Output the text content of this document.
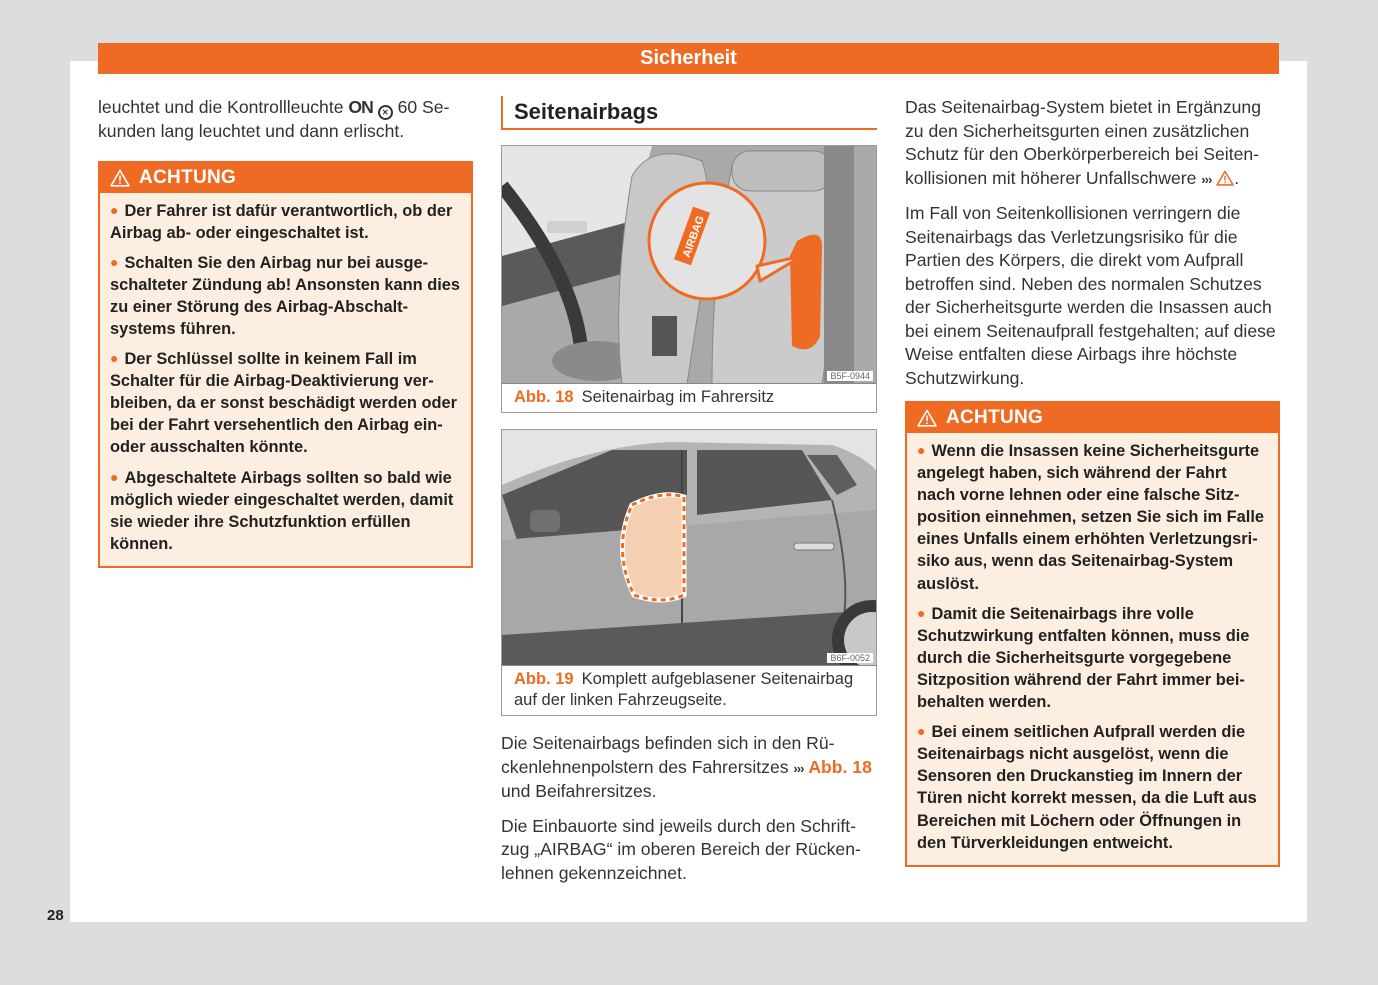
Sicherheit
28

leuchtet und die Kontrollleuchte ON ✕ 60 Sekunden lang leuchtet und dann erlischt.

ACHTUNG
● Der Fahrer ist dafür verantwortlich, ob der Airbag ab- oder eingeschaltet ist.
● Schalten Sie den Airbag nur bei ausgeschalteter Zündung ab! Ansonsten kann dies zu einer Störung des Airbag-Abschaltsystems führen.
● Der Schlüssel sollte in keinem Fall im Schalter für die Airbag-Deaktivierung verbleiben, da er sonst beschädigt werden oder bei der Fahrt versehentlich den Airbag ein- oder ausschalten könnte.
● Abgeschaltete Airbags sollten so bald wie möglich wieder eingeschaltet werden, damit sie wieder ihre Schutzfunktion erfüllen können.
Seitenairbags
AIRBAG
B5F-0944
Abb. 18 Seitenairbag im Fahrersitz
B6F-0052
Abb. 19 Komplett aufgeblasener Seitenairbag auf der linken Fahrzeugseite.

Die Seitenairbags befinden sich in den Rückenlehnenpolstern des Fahrersitzes ››› Abb. 18 und Beifahrersitzes.

Die Einbauorte sind jeweils durch den Schriftzug „AIRBAG“ im oberen Bereich der Rückenlehnen gekennzeichnet.

Das Seitenairbag-System bietet in Ergänzung zu den Sicherheitsgurten einen zusätzlichen Schutz für den Oberkörperbereich bei Seitenkollisionen mit höherer Unfallschwere ››› .

Im Fall von Seitenkollisionen verringern die Seitenairbags das Verletzungsrisiko für die Partien des Körpers, die direkt vom Aufprall betroffen sind. Neben des normalen Schutzes der Sicherheitsgurte werden die Insassen auch bei einem Seitenaufprall festgehalten; auf diese Weise entfalten diese Airbags ihre höchste Schutzwirkung.

ACHTUNG
● Wenn die Insassen keine Sicherheitsgurte angelegt haben, sich während der Fahrt nach vorne lehnen oder eine falsche Sitzposition einnehmen, setzen Sie sich im Falle eines Unfalls einem erhöhten Verletzungsrisiko aus, wenn das Seitenairbag-System auslöst.
● Damit die Seitenairbags ihre volle Schutzwirkung entfalten können, muss die durch die Sicherheitsgurte vorgegebene Sitzposition während der Fahrt immer beibehalten werden.
● Bei einem seitlichen Aufprall werden die Seitenairbags nicht ausgelöst, wenn die Sensoren den Druckanstieg im Innern der Türen nicht korrekt messen, da die Luft aus Bereichen mit Löchern oder Öffnungen in den Türverkleidungen entweicht.
